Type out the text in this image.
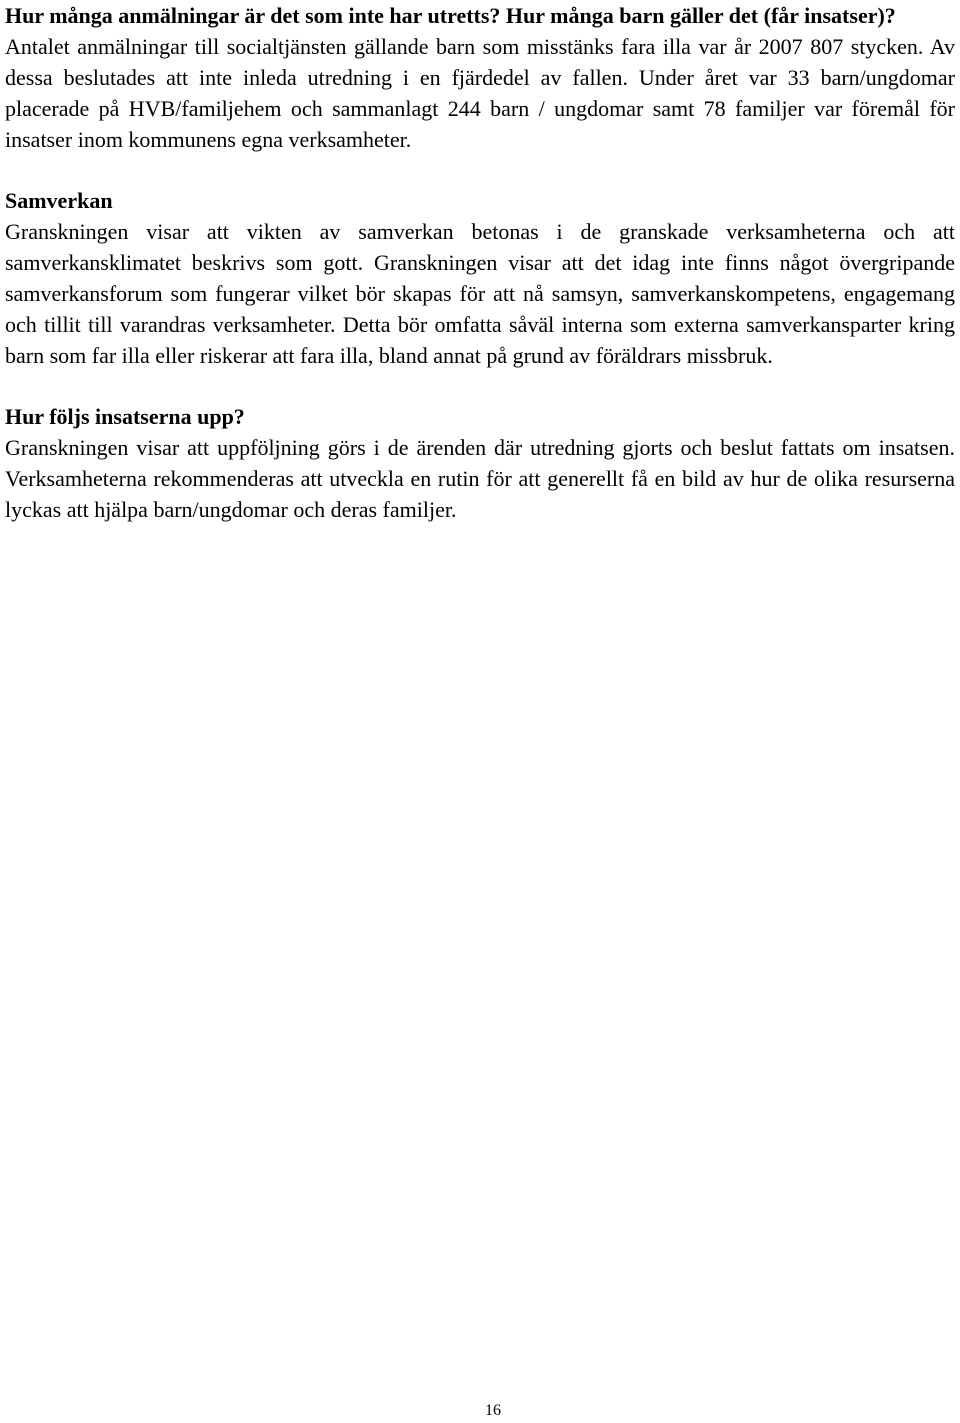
Hur många anmälningar är det som inte har utretts? Hur många barn gäller det (får insatser)?

Antalet anmälningar till socialtjänsten gällande barn som misstänks fara illa var år 2007 807 stycken. Av dessa beslutades att inte inleda utredning i en fjärdedel av fallen. Under året var 33 barn/ungdomar placerade på HVB/familjehem och sammanlagt 244 barn / ungdomar samt 78 familjer var föremål för insatser inom kommunens egna verksamheter.

Samverkan

Granskningen visar att vikten av samverkan betonas i de granskade verksamheterna och att samverkansklimatet beskrivs som gott. Granskningen visar att det idag inte finns något övergripande samverkansforum som fungerar vilket bör skapas för att nå samsyn, samverkanskompetens, engagemang och tillit till varandras verksamheter. Detta bör omfatta såväl interna som externa samverkansparter kring barn som far illa eller riskerar att fara illa, bland annat på grund av föräldrars missbruk.

Hur följs insatserna upp?

Granskningen visar att uppföljning görs i de ärenden där utredning gjorts och beslut fattats om insatsen. Verksamheterna rekommenderas att utveckla en rutin för att generellt få en bild av hur de olika resurserna lyckas att hjälpa barn/ungdomar och deras familjer.

16
